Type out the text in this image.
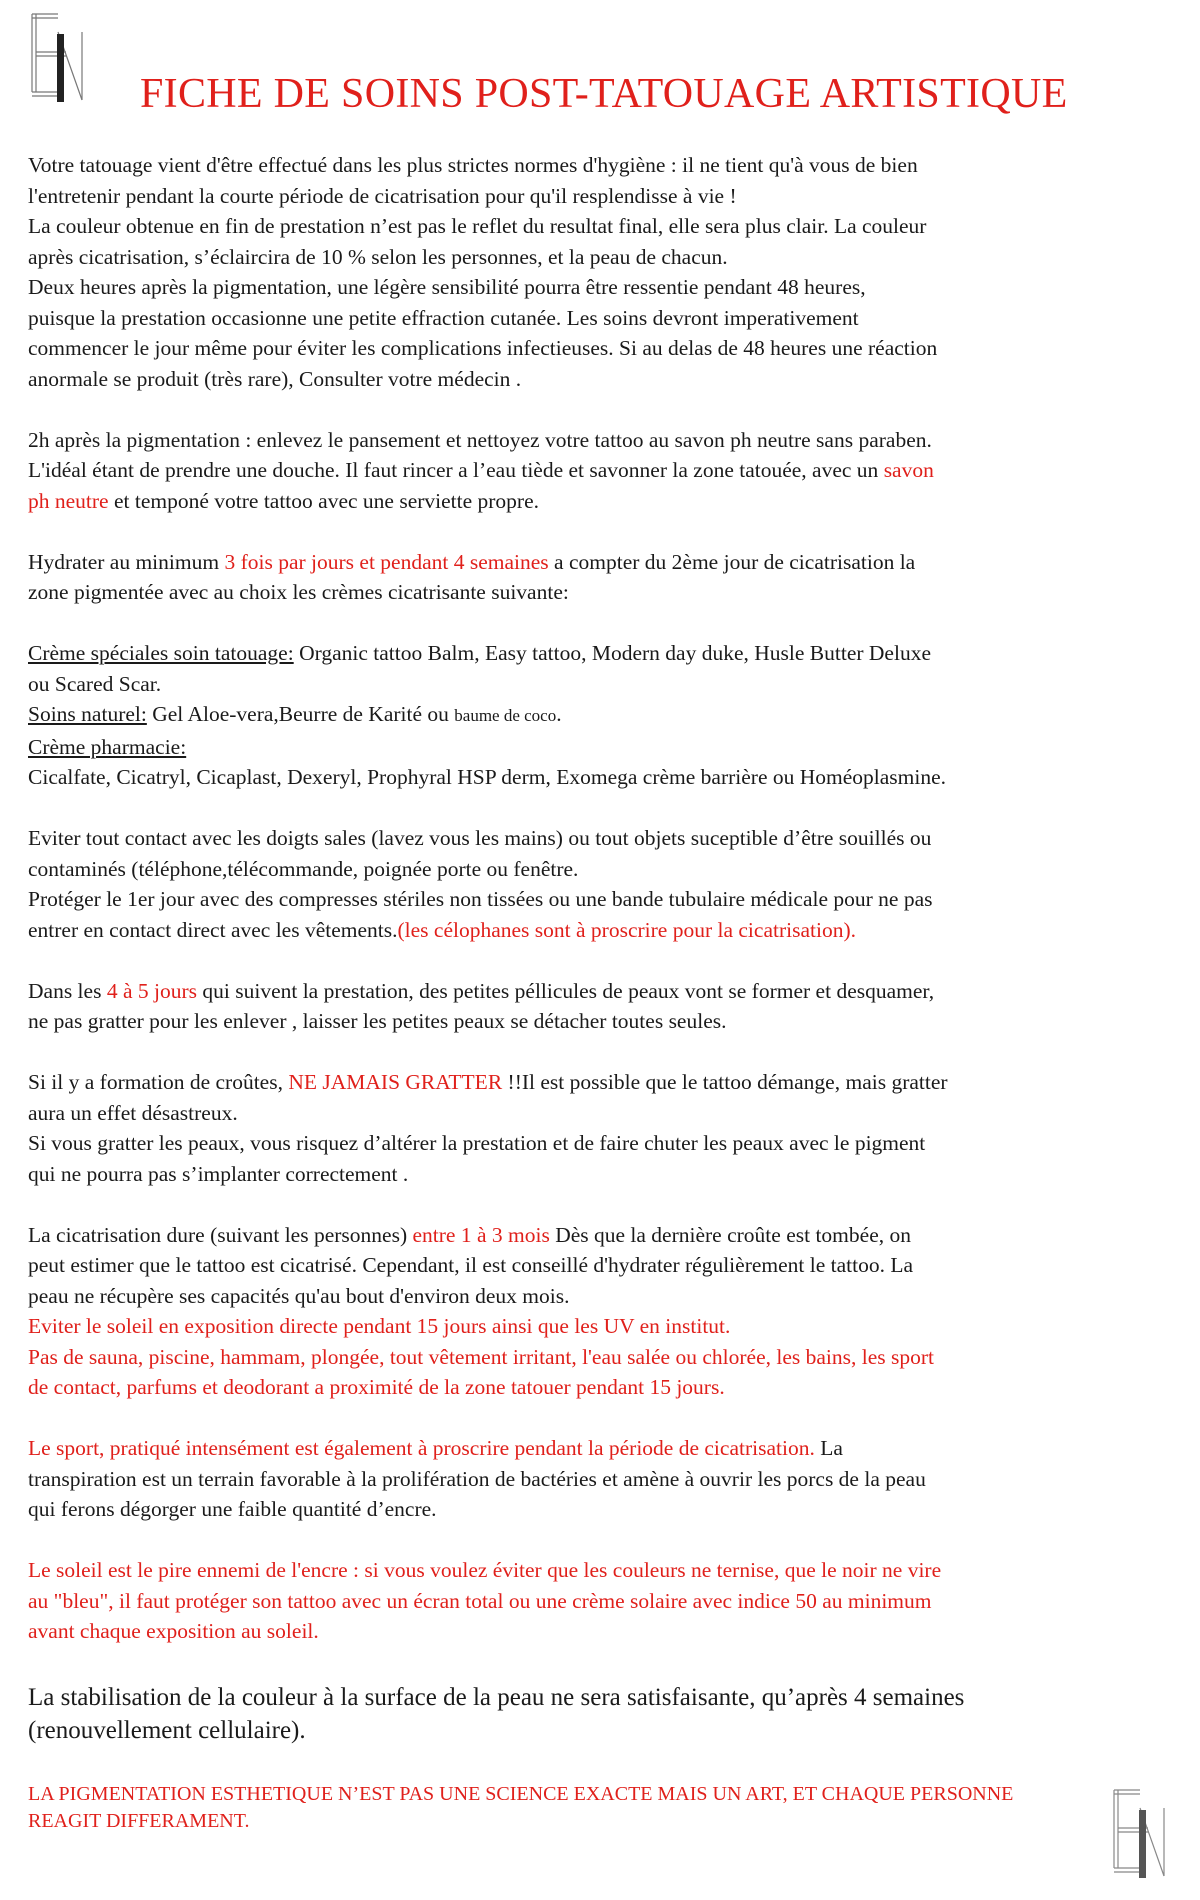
FICHE DE SOINS POST-TATOUAGE ARTISTIQUE

Votre tatouage vient d'être effectué dans les plus strictes normes d'hygiène : il ne tient qu'à vous de bien
l'entretenir pendant la courte période de cicatrisation pour qu'il resplendisse à vie !
La couleur obtenue en fin de prestation n’est pas le reflet du resultat final, elle sera plus clair. La couleur
après cicatrisation, s’éclaircira de 10 % selon les personnes, et la peau de chacun.
Deux heures après la pigmentation, une légère sensibilité pourra être ressentie pendant 48 heures,
puisque la prestation occasionne une petite effraction cutanée. Les soins devront imperativement
commencer le jour même pour éviter les complications infectieuses. Si au delas de 48 heures une réaction
anormale se produit (très rare), Consulter votre médecin .

2h après la pigmentation : enlevez le pansement et nettoyez votre tattoo au savon ph neutre sans paraben.
L'idéal étant de prendre une douche. Il faut rincer a l’eau tiède et savonner la zone tatouée, avec un savon
ph neutre et temponé votre tattoo avec une serviette propre.

Hydrater au minimum 3 fois par jours et pendant 4 semaines a compter du 2ème jour de cicatrisation la
zone pigmentée avec au choix les crèmes cicatrisante suivante:

Crème spéciales soin tatouage: Organic tattoo Balm, Easy tattoo, Modern day duke, Husle Butter Deluxe
ou Scared Scar.
Soins naturel: Gel Aloe-vera,Beurre de Karité ou baume de coco.
Crème pharmacie:
Cicalfate, Cicatryl, Cicaplast, Dexeryl, Prophyral HSP derm, Exomega crème barrière ou Homéoplasmine.

Eviter tout contact avec les doigts sales (lavez vous les mains) ou tout objets suceptible d’être souillés ou
contaminés (téléphone,télécommande, poignée porte ou fenêtre.
Protéger le 1er jour avec des compresses stériles non tissées ou une bande tubulaire médicale pour ne pas
entrer en contact direct avec les vêtements.(les célophanes sont à proscrire pour la cicatrisation).

Dans les 4 à 5 jours qui suivent la prestation, des petites péllicules de peaux vont se former et desquamer,
ne pas gratter pour les enlever , laisser les petites peaux se détacher toutes seules.

Si il y a formation de croûtes, NE JAMAIS GRATTER !!Il est possible que le tattoo démange, mais gratter
aura un effet désastreux.
Si vous gratter les peaux, vous risquez d’altérer la prestation et de faire chuter les peaux avec le pigment
qui ne pourra pas s’implanter correctement .

La cicatrisation dure (suivant les personnes) entre 1 à 3 mois Dès que la dernière croûte est tombée, on
peut estimer que le tattoo est cicatrisé. Cependant, il est conseillé d'hydrater régulièrement le tattoo. La
peau ne récupère ses capacités qu'au bout d'environ deux mois.
Eviter le soleil en exposition directe pendant 15 jours ainsi que les UV en institut.
Pas de sauna, piscine, hammam, plongée, tout vêtement irritant, l'eau salée ou chlorée, les bains, les sport
de contact, parfums et deodorant a proximité de la zone tatouer pendant 15 jours.

Le sport, pratiqué intensément est également à proscrire pendant la période de cicatrisation. La
transpiration est un terrain favorable à la prolifération de bactéries et amène à ouvrir les porcs de la peau
qui ferons dégorger une faible quantité d’encre.

Le soleil est le pire ennemi de l'encre : si vous voulez éviter que les couleurs ne ternise, que le noir ne vire
au "bleu", il faut protéger son tattoo avec un écran total ou une crème solaire avec indice 50 au minimum
avant chaque exposition au soleil.

La stabilisation de la couleur à la surface de la peau ne sera satisfaisante, qu’après 4 semaines
(renouvellement cellulaire).

LA PIGMENTATION ESTHETIQUE N’EST PAS UNE SCIENCE EXACTE MAIS UN ART, ET CHAQUE PERSONNE
REAGIT DIFFERAMENT.
